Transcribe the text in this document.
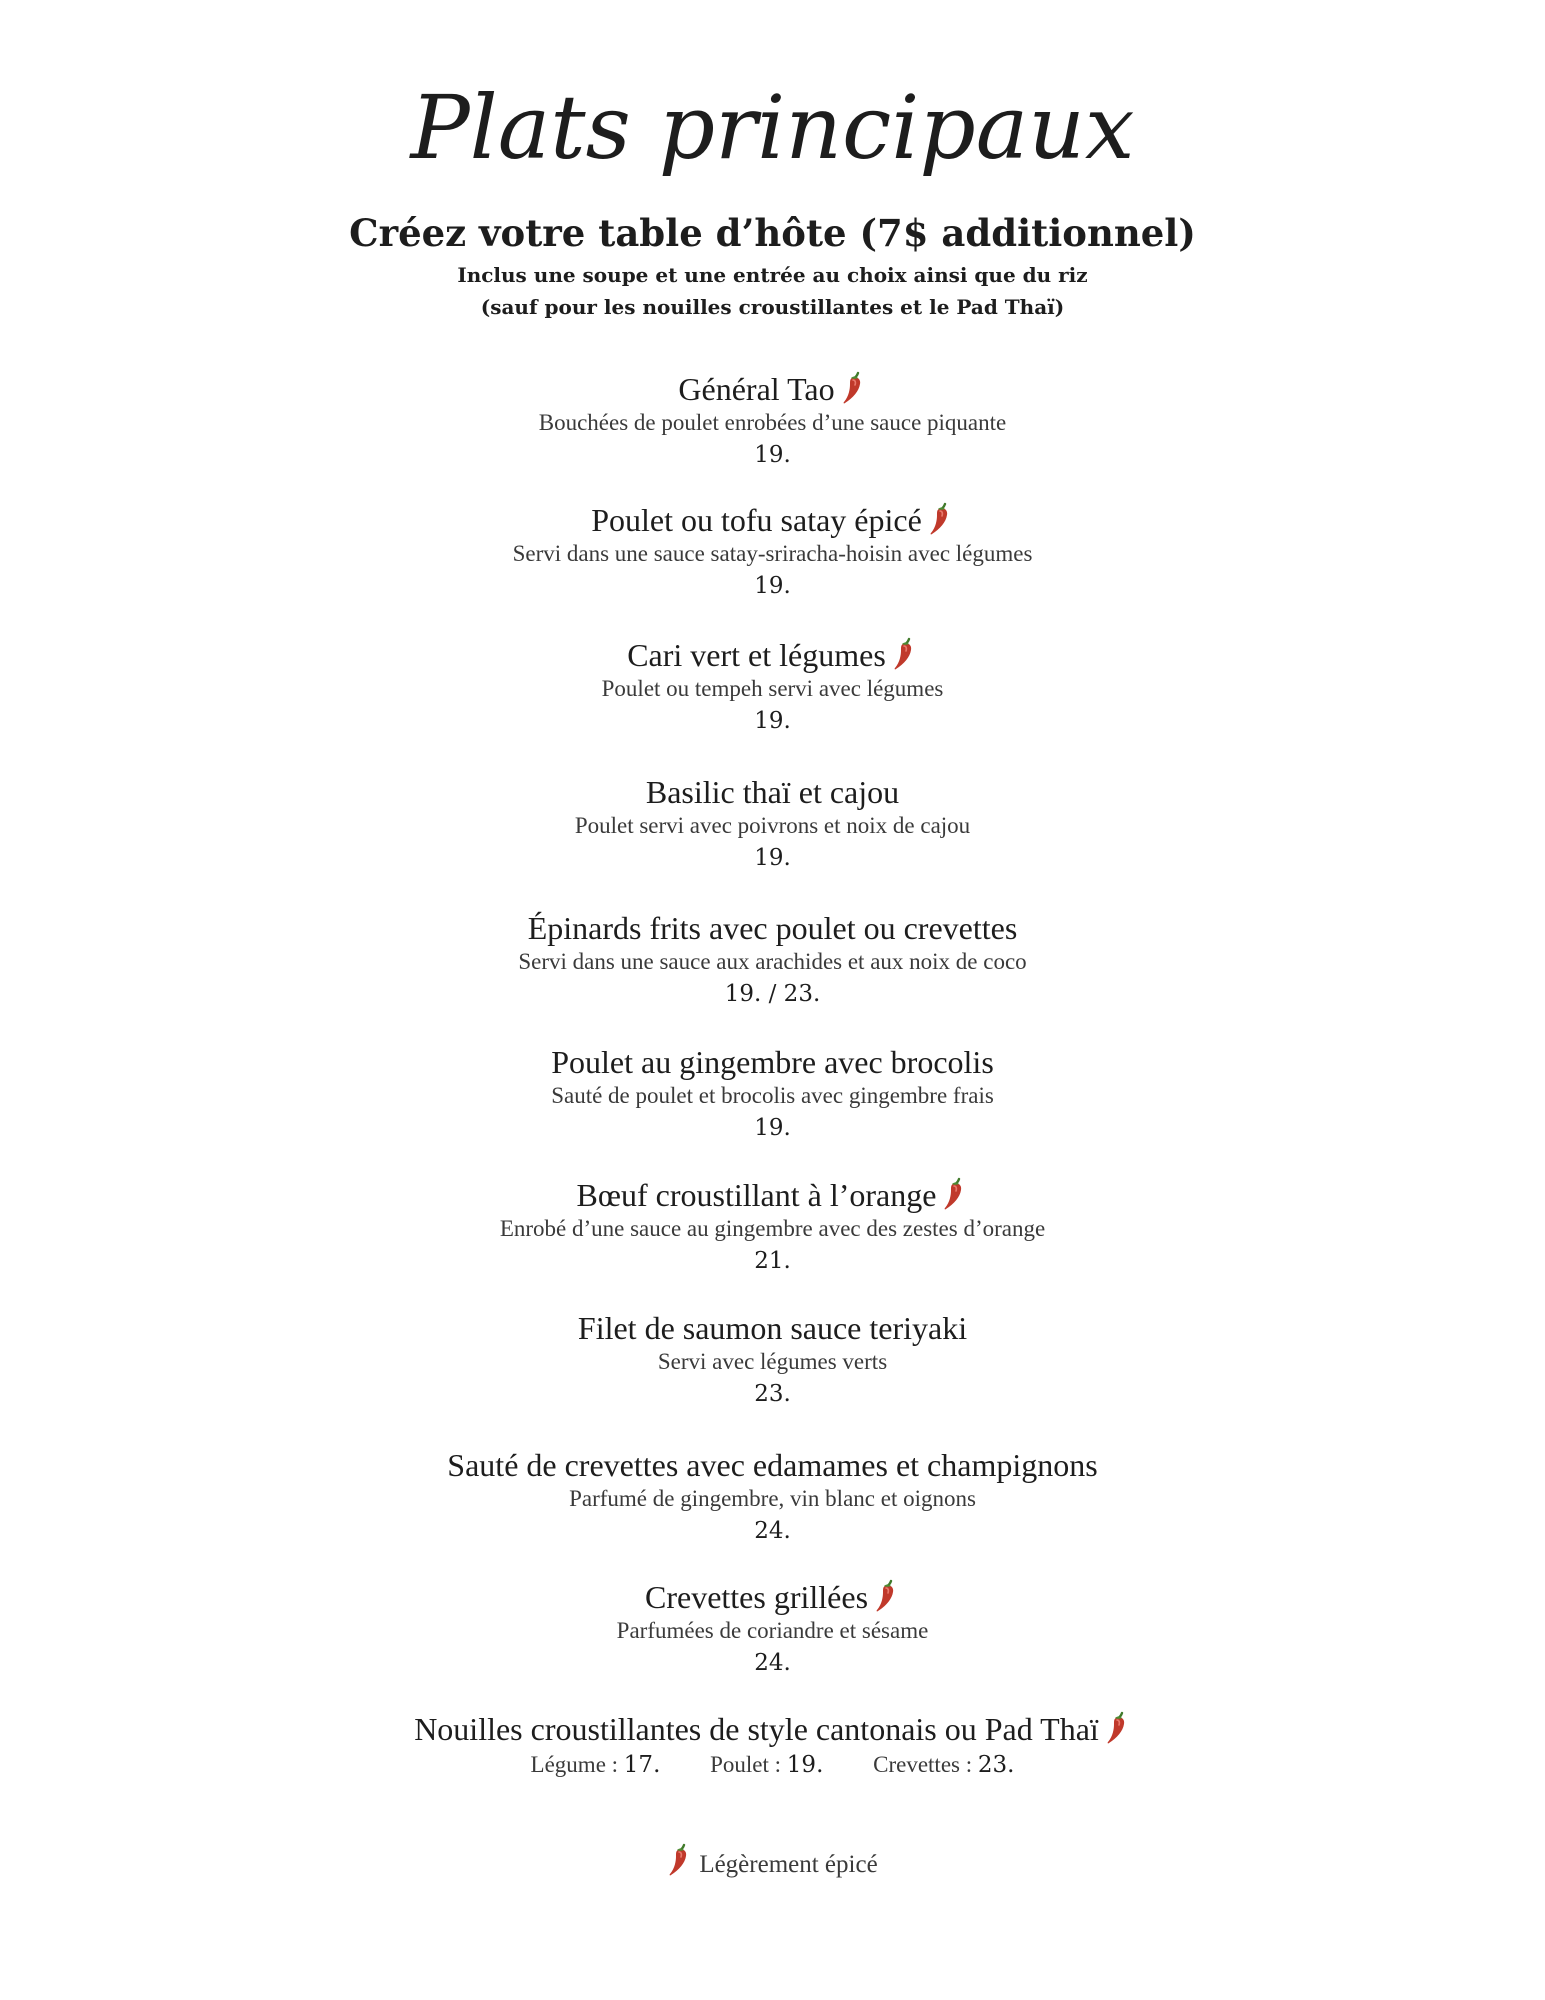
Plats principaux
Créez votre table d’hôte (7$ additionnel)
Inclus une soupe et une entrée au choix ainsi que du riz
(sauf pour les nouilles croustillantes et le Pad Thaï)
Général Tao
Bouchées de poulet enrobées d’une sauce piquante
19.
Poulet ou tofu satay épicé
Servi dans une sauce satay-sriracha-hoisin avec légumes
19.
Cari vert et légumes
Poulet ou tempeh servi avec légumes
19.
Basilic thaï et cajou
Poulet servi avec poivrons et noix de cajou
19.
Épinards frits avec poulet ou crevettes
Servi dans une sauce aux arachides et aux noix de coco
19. / 23.
Poulet au gingembre avec brocolis
Sauté de poulet et brocolis avec gingembre frais
19.
Bœuf croustillant à l’orange
Enrobé d’une sauce au gingembre avec des zestes d’orange
21.
Filet de saumon sauce teriyaki
Servi avec légumes verts
23.
Sauté de crevettes avec edamames et champignons
Parfumé de gingembre, vin blanc et oignons
24.
Crevettes grillées
Parfumées de coriandre et sésame
24.
Nouilles croustillantes de style cantonais ou Pad Thaï
Légume : 17. Poulet : 19. Crevettes : 23.
Légèrement épicé
